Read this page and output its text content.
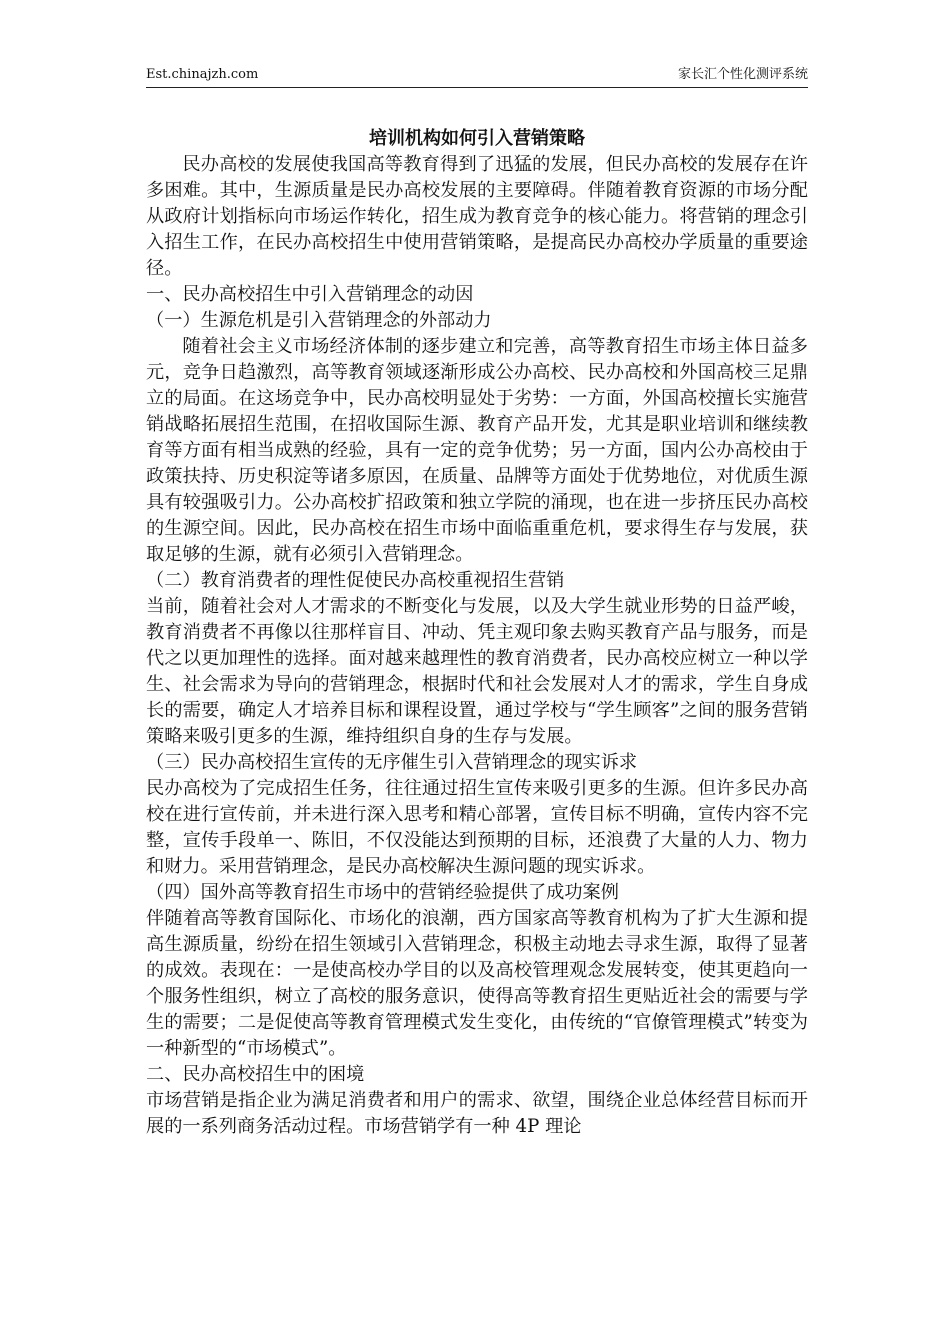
Est.chinajzh.com	家长汇个性化测评系统

培训机构如何引入营销策略

民办高校的发展使我国高等教育得到了迅猛的发展，但民办高校的发展存在许多困难。其中，生源质量是民办高校发展的主要障碍。伴随着教育资源的市场分配从政府计划指标向市场运作转化，招生成为教育竞争的核心能力。将营销的理念引入招生工作，在民办高校招生中使用营销策略，是提高民办高校办学质量的重要途径。

一、民办高校招生中引入营销理念的动因

（一）生源危机是引入营销理念的外部动力

随着社会主义市场经济体制的逐步建立和完善，高等教育招生市场主体日益多元，竞争日趋激烈，高等教育领域逐渐形成公办高校、民办高校和外国高校三足鼎立的局面。在这场竞争中，民办高校明显处于劣势：一方面，外国高校擅长实施营销战略拓展招生范围，在招收国际生源、教育产品开发，尤其是职业培训和继续教育等方面有相当成熟的经验，具有一定的竞争优势；另一方面，国内公办高校由于政策扶持、历史积淀等诸多原因，在质量、品牌等方面处于优势地位，对优质生源具有较强吸引力。公办高校扩招政策和独立学院的涌现，也在进一步挤压民办高校的生源空间。因此，民办高校在招生市场中面临重重危机，要求得生存与发展，获取足够的生源，就有必须引入营销理念。

（二）教育消费者的理性促使民办高校重视招生营销

当前，随着社会对人才需求的不断变化与发展，以及大学生就业形势的日益严峻，教育消费者不再像以往那样盲目、冲动、凭主观印象去购买教育产品与服务，而是代之以更加理性的选择。面对越来越理性的教育消费者，民办高校应树立一种以学生、社会需求为导向的营销理念，根据时代和社会发展对人才的需求，学生自身成长的需要，确定人才培养目标和课程设置，通过学校与“学生顾客”之间的服务营销策略来吸引更多的生源，维持组织自身的生存与发展。

（三）民办高校招生宣传的无序催生引入营销理念的现实诉求

民办高校为了完成招生任务，往往通过招生宣传来吸引更多的生源。但许多民办高校在进行宣传前，并未进行深入思考和精心部署，宣传目标不明确，宣传内容不完整，宣传手段单一、陈旧，不仅没能达到预期的目标，还浪费了大量的人力、物力和财力。采用营销理念，是民办高校解决生源问题的现实诉求。

（四）国外高等教育招生市场中的营销经验提供了成功案例

伴随着高等教育国际化、市场化的浪潮，西方国家高等教育机构为了扩大生源和提高生源质量，纷纷在招生领域引入营销理念，积极主动地去寻求生源，取得了显著的成效。表现在：一是使高校办学目的以及高校管理观念发展转变，使其更趋向一个服务性组织，树立了高校的服务意识，使得高等教育招生更贴近社会的需要与学生的需要；二是促使高等教育管理模式发生变化，由传统的“官僚管理模式”转变为一种新型的“市场模式”。

二、民办高校招生中的困境

市场营销是指企业为满足消费者和用户的需求、欲望，围绕企业总体经营目标而开展的一系列商务活动过程。市场营销学有一种 4P 理论
